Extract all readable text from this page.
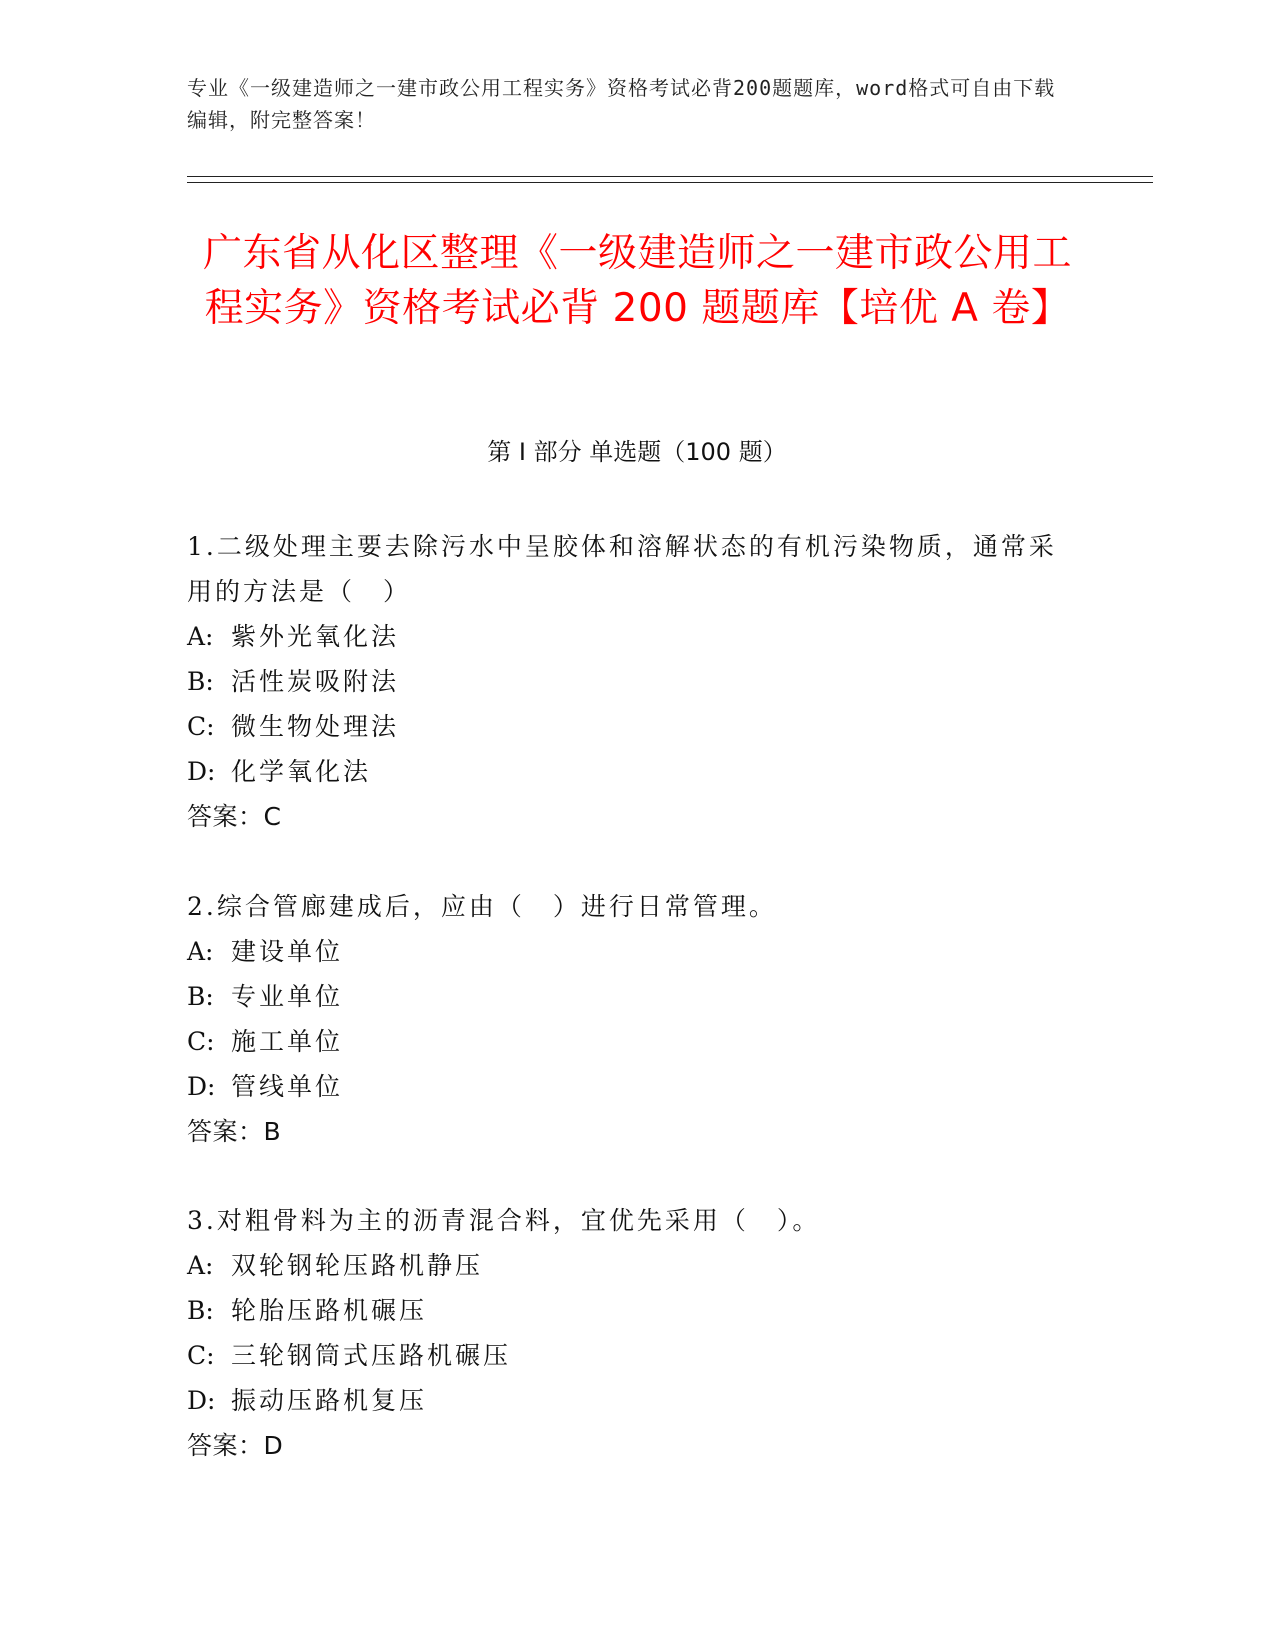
专业《一级建造师之一建市政公用工程实务》资格考试必背200题题库，word格式可自由下载编辑，附完整答案！
广东省从化区整理《一级建造师之一建市政公用工程实务》资格考试必背 200 题题库【培优 A 卷】
第 I 部分 单选题（100 题）
1.二级处理主要去除污水中呈胶体和溶解状态的有机污染物质，通常采用的方法是（　）
A: 紫外光氧化法
B: 活性炭吸附法
C: 微生物处理法
D: 化学氧化法
答案：C
2.综合管廊建成后，应由（　）进行日常管理。
A: 建设单位
B: 专业单位
C: 施工单位
D: 管线单位
答案：B
3.对粗骨料为主的沥青混合料，宜优先采用（　）。
A: 双轮钢轮压路机静压
B: 轮胎压路机碾压
C: 三轮钢筒式压路机碾压
D: 振动压路机复压
答案：D
